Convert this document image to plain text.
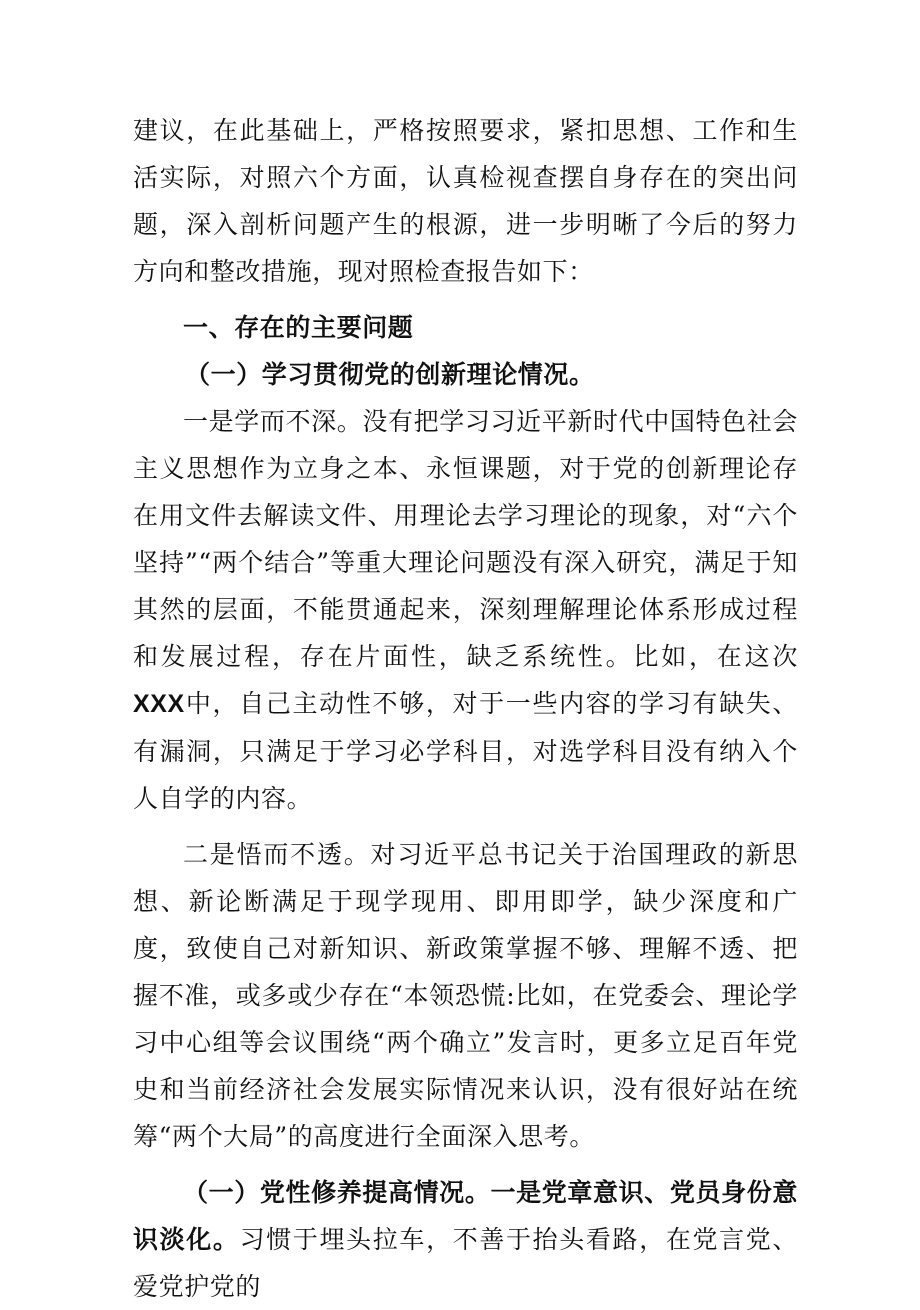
建议，在此基础上，严格按照要求，紧扣思想、工作和生活实际，对照六个方面，认真检视查摆自身存在的突出问题，深入剖析问题产生的根源，进一步明晰了今后的努力方向和整改措施，现对照检查报告如下：

一、存在的主要问题

（一）学习贯彻党的创新理论情况。

一是学而不深。没有把学习习近平新时代中国特色社会主义思想作为立身之本、永恒课题，对于党的创新理论存在用文件去解读文件、用理论去学习理论的现象，对“六个坚持”“两个结合”等重大理论问题没有深入研究，满足于知其然的层面，不能贯通起来，深刻理解理论体系形成过程和发展过程，存在片面性，缺乏系统性。比如，在这次XXX中，自己主动性不够，对于一些内容的学习有缺失、有漏洞，只满足于学习必学科目，对选学科目没有纳入个人自学的内容。

二是悟而不透。对习近平总书记关于治国理政的新思想、新论断满足于现学现用、即用即学，缺少深度和广度，致使自己对新知识、新政策掌握不够、理解不透、把握不准，或多或少存在“本领恐慌:比如，在党委会、理论学习中心组等会议围绕“两个确立”发言时，更多立足百年党史和当前经济社会发展实际情况来认识，没有很好站在统筹“两个大局”的高度进行全面深入思考。

（一）党性修养提高情况。一是党章意识、党员身份意识淡化。习惯于埋头拉车，不善于抬头看路，在党言党、爱党护党的
